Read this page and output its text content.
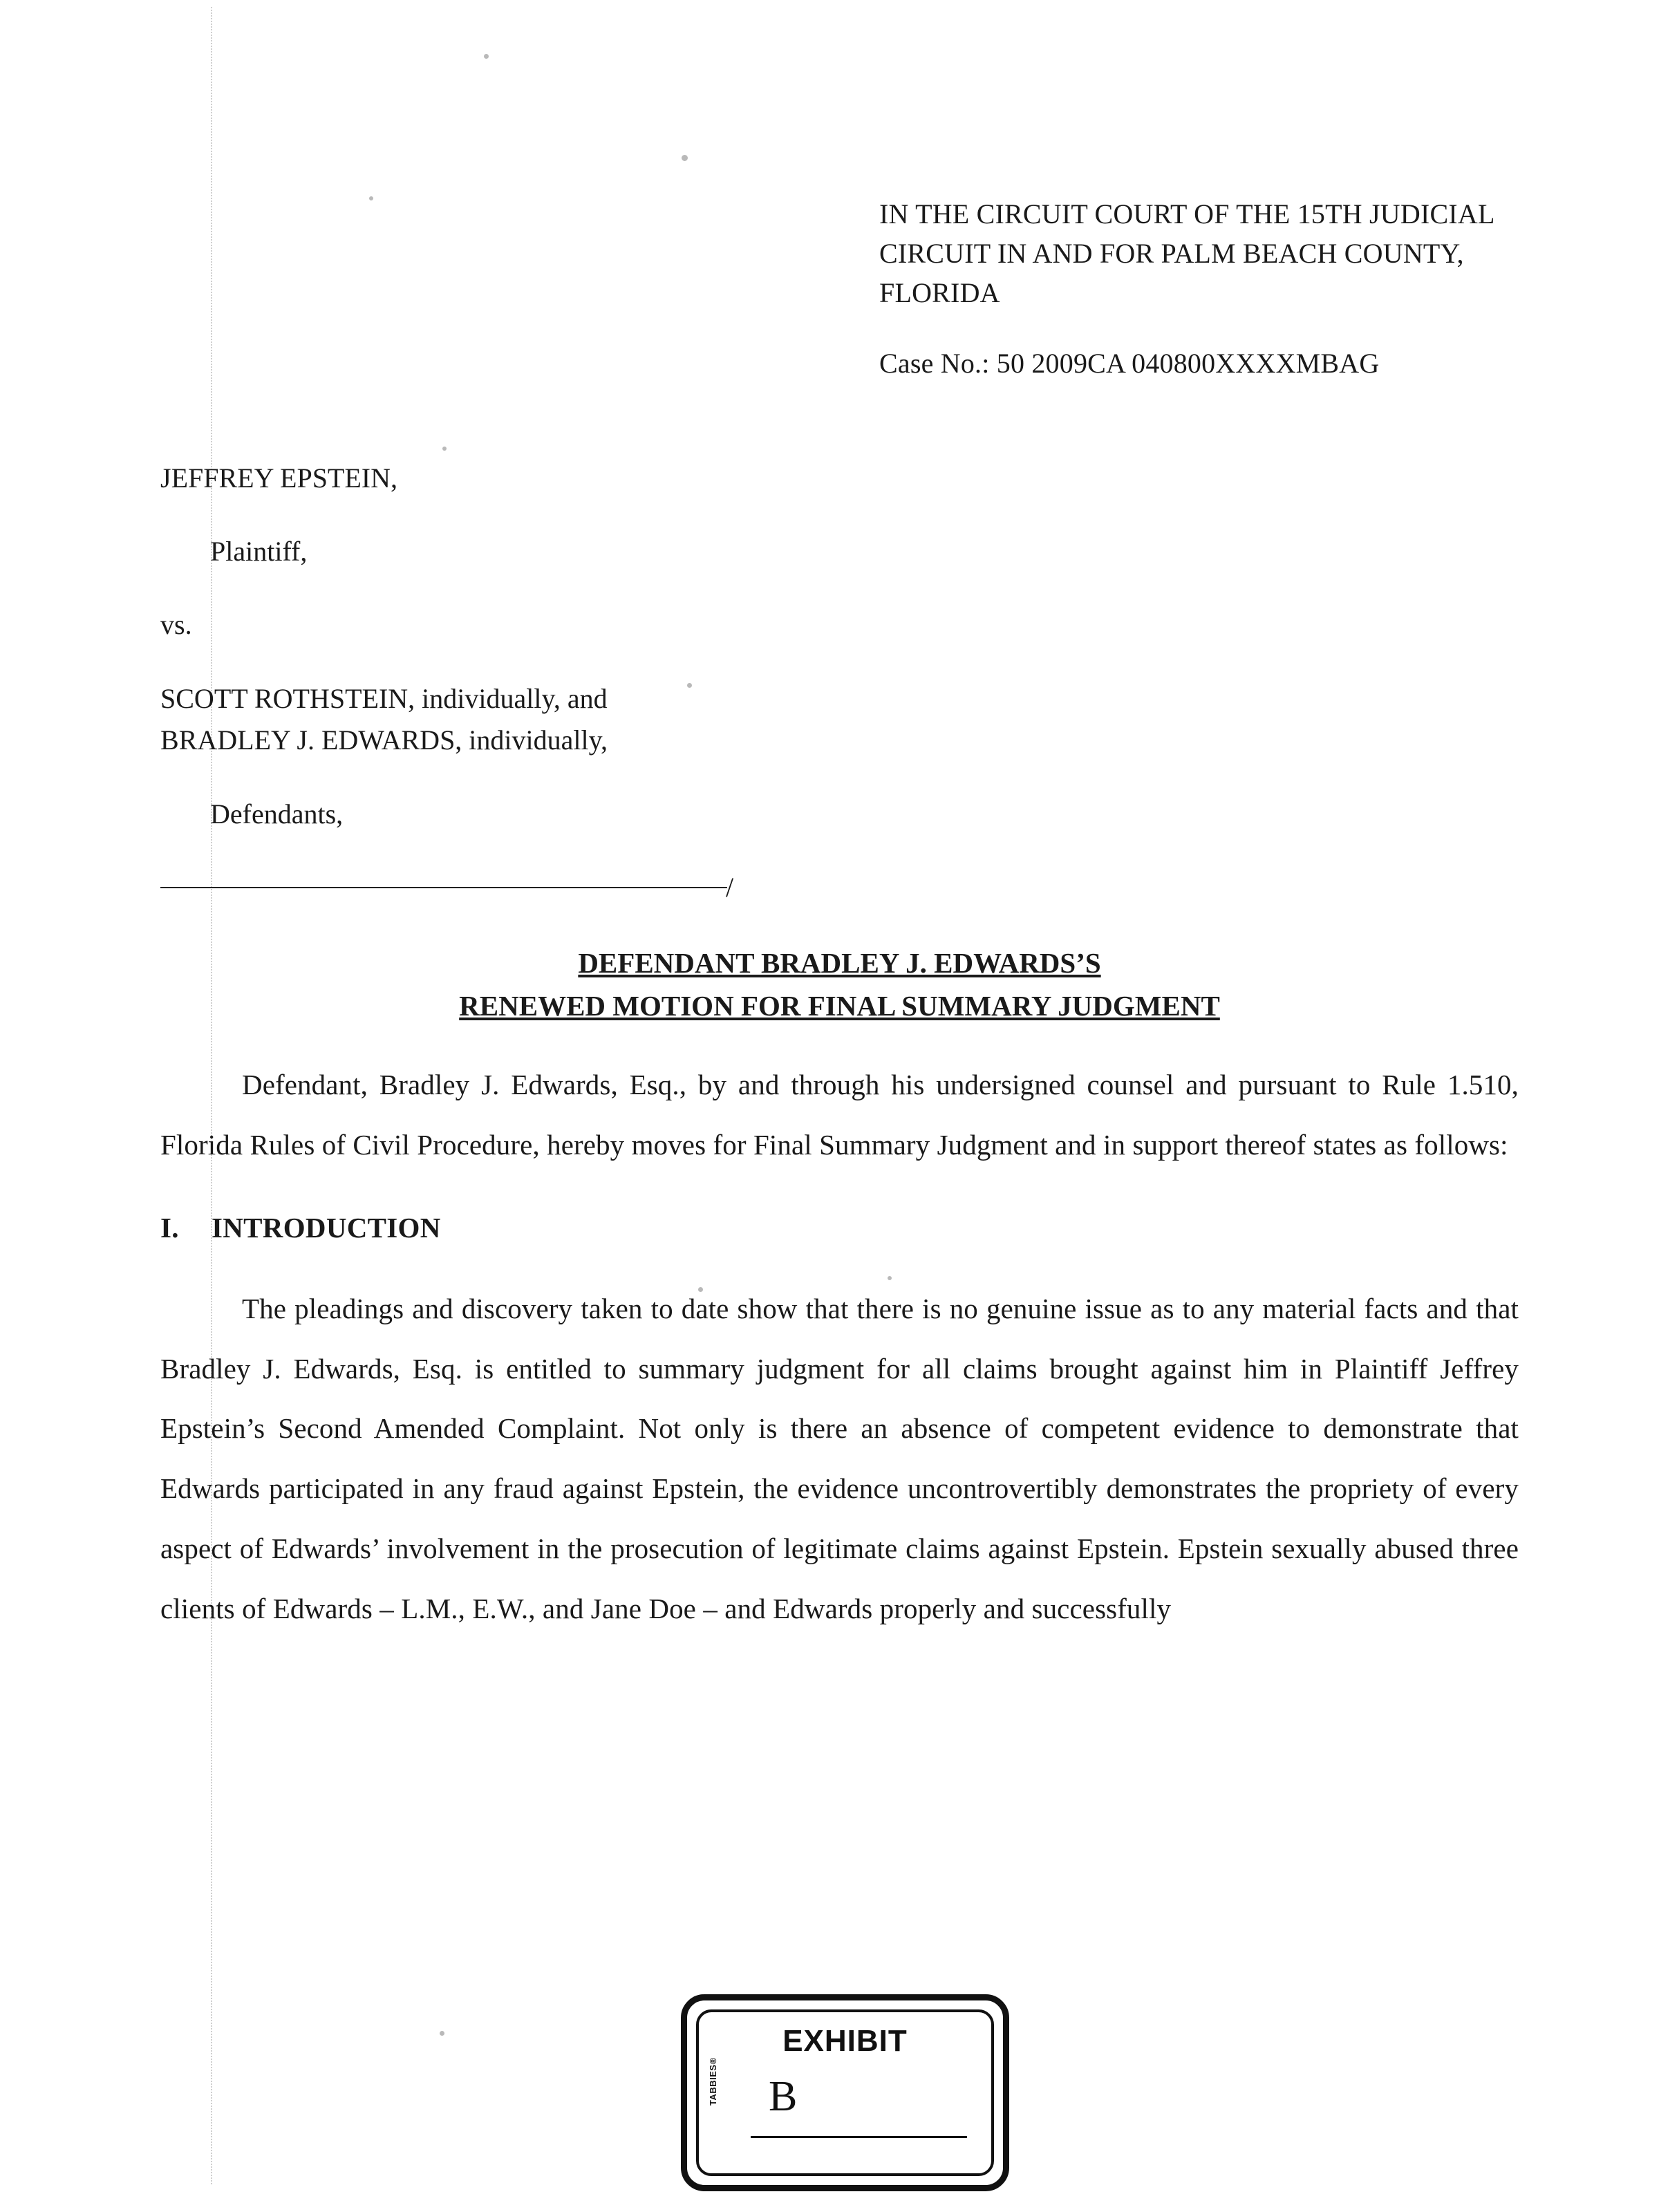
IN THE CIRCUIT COURT OF THE 15TH JUDICIAL CIRCUIT IN AND FOR PALM BEACH COUNTY, FLORIDA
Case No.: 50 2009CA 040800XXXXMBAG
JEFFREY EPSTEIN,
Plaintiff,
vs.
SCOTT ROTHSTEIN, individually, and
BRADLEY J. EDWARDS, individually,
Defendants,
/
DEFENDANT BRADLEY J. EDWARDS’S
RENEWED MOTION FOR FINAL SUMMARY JUDGMENT
Defendant, Bradley J. Edwards, Esq., by and through his undersigned counsel and pursuant to Rule 1.510, Florida Rules of Civil Procedure, hereby moves for Final Summary Judgment and in support thereof states as follows:
I. INTRODUCTION
The pleadings and discovery taken to date show that there is no genuine issue as to any material facts and that Bradley J. Edwards, Esq. is entitled to summary judgment for all claims brought against him in Plaintiff Jeffrey Epstein’s Second Amended Complaint. Not only is there an absence of competent evidence to demonstrate that Edwards participated in any fraud against Epstein, the evidence uncontrovertibly demonstrates the propriety of every aspect of Edwards’ involvement in the prosecution of legitimate claims against Epstein. Epstein sexually abused three clients of Edwards – L.M., E.W., and Jane Doe – and Edwards properly and successfully
EXHIBIT
B
TABBIES®
